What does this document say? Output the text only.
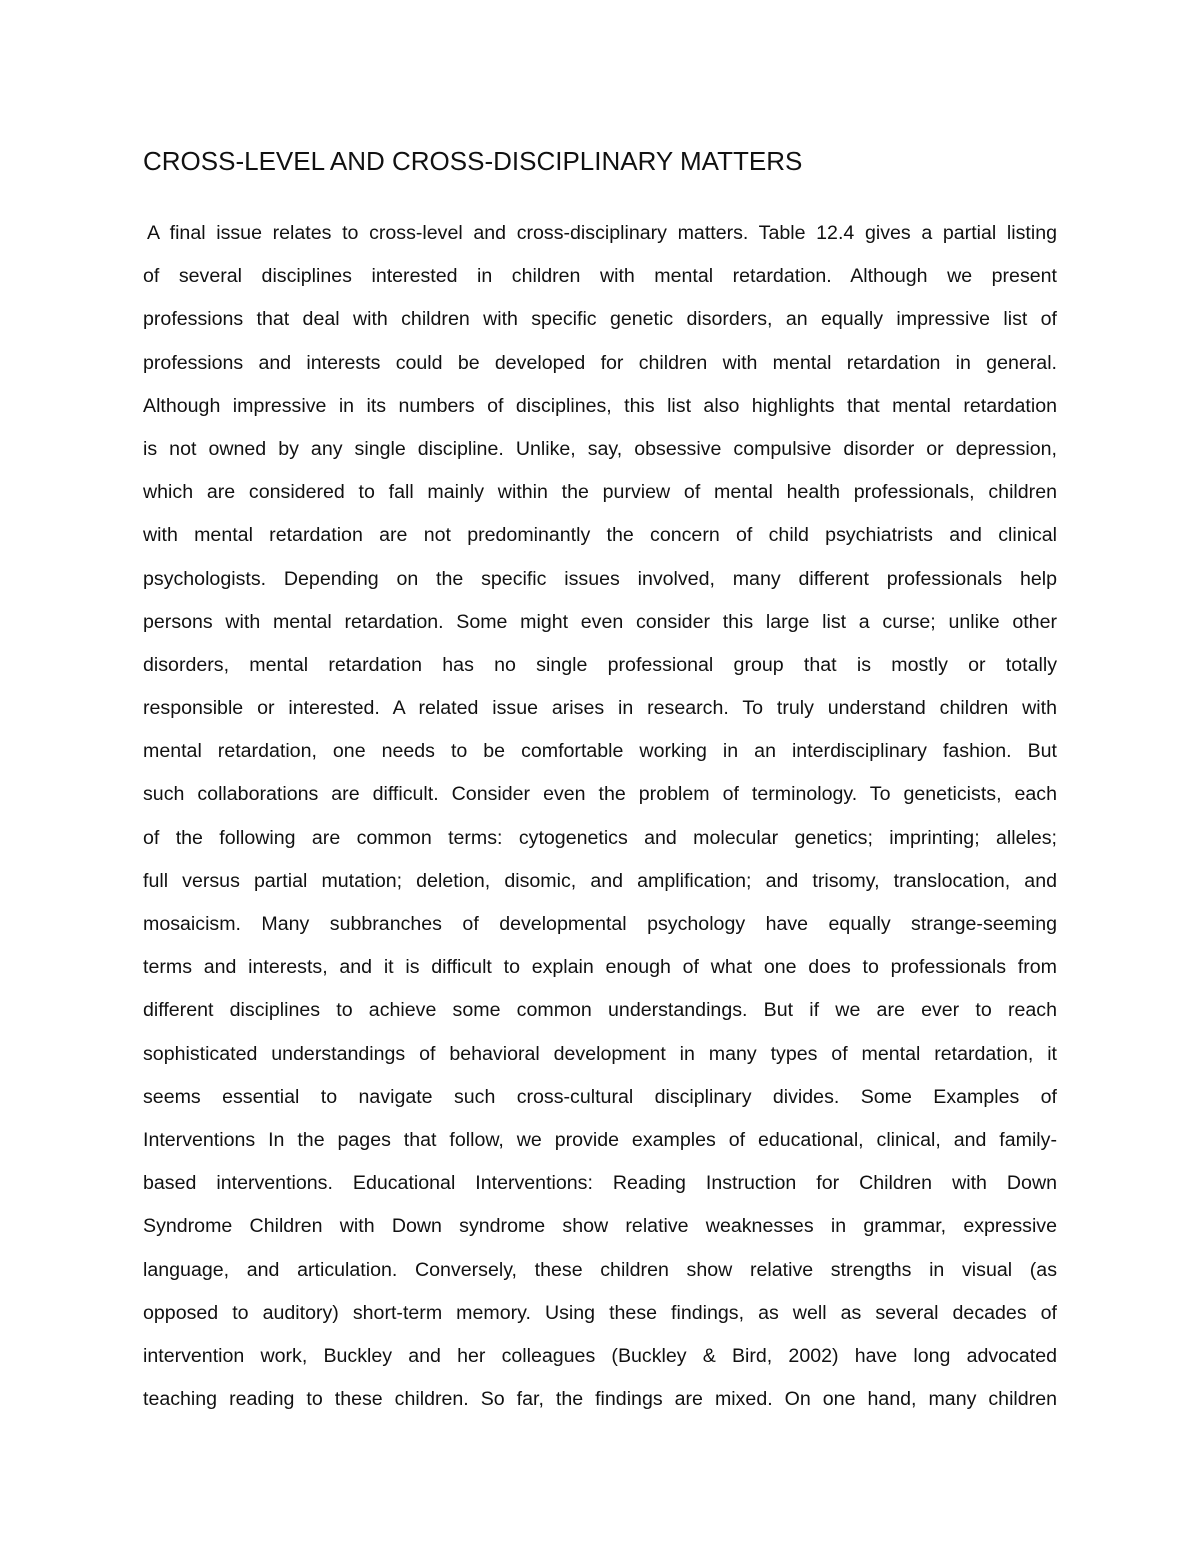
CROSS-LEVEL AND CROSS-DISCIPLINARY MATTERS
A final issue relates to cross-level and cross-disciplinary matters. Table 12.4 gives a partial listing
of several disciplines interested in children with mental retardation. Although we present
professions that deal with children with specific genetic disorders, an equally impressive list of
professions and interests could be developed for children with mental retardation in general.
Although impressive in its numbers of disciplines, this list also highlights that mental retardation
is not owned by any single discipline. Unlike, say, obsessive compulsive disorder or depression,
which are considered to fall mainly within the purview of mental health professionals, children
with mental retardation are not predominantly the concern of child psychiatrists and clinical
psychologists. Depending on the specific issues involved, many different professionals help
persons with mental retardation. Some might even consider this large list a curse; unlike other
disorders, mental retardation has no single professional group that is mostly or totally
responsible or interested. A related issue arises in research. To truly understand children with
mental retardation, one needs to be comfortable working in an interdisciplinary fashion. But
such collaborations are difficult. Consider even the problem of terminology. To geneticists, each
of the following are common terms: cytogenetics and molecular genetics; imprinting; alleles;
full versus partial mutation; deletion, disomic, and amplification; and trisomy, translocation, and
mosaicism. Many subbranches of developmental psychology have equally strange-seeming
terms and interests, and it is difficult to explain enough of what one does to professionals from
different disciplines to achieve some common understandings. But if we are ever to reach
sophisticated understandings of behavioral development in many types of mental retardation, it
seems essential to navigate such cross-cultural disciplinary divides. Some Examples of
Interventions In the pages that follow, we provide examples of educational, clinical, and family-
based interventions. Educational Interventions: Reading Instruction for Children with Down
Syndrome Children with Down syndrome show relative weaknesses in grammar, expressive
language, and articulation. Conversely, these children show relative strengths in visual (as
opposed to auditory) short-term memory. Using these findings, as well as several decades of
intervention work, Buckley and her colleagues (Buckley & Bird, 2002) have long advocated
teaching reading to these children. So far, the findings are mixed. On one hand, many children
